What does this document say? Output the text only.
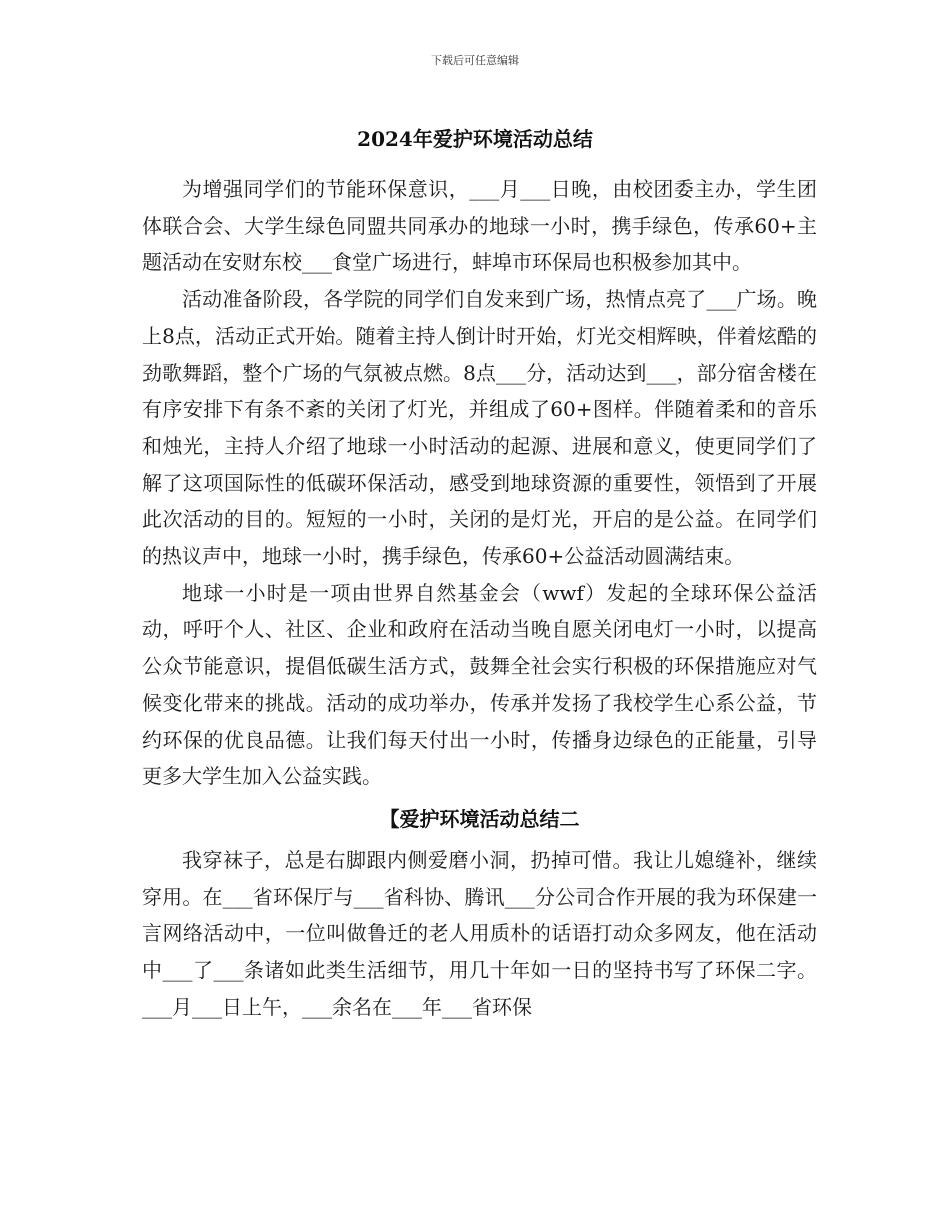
下载后可任意编辑
2024年爱护环境活动总结

为增强同学们的节能环保意识，___月___日晚，由校团委主办，学生团体联合会、大学生绿色同盟共同承办的地球一小时，携手绿色，传承60+主题活动在安财东校___食堂广场进行，蚌埠市环保局也积极参加其中。

活动准备阶段，各学院的同学们自发来到广场，热情点亮了___广场。晚上8点，活动正式开始。随着主持人倒计时开始，灯光交相辉映，伴着炫酷的劲歌舞蹈，整个广场的气氛被点燃。8点___分，活动达到___，部分宿舍楼在有序安排下有条不紊的关闭了灯光，并组成了60+图样。伴随着柔和的音乐和烛光，主持人介绍了地球一小时活动的起源、进展和意义，使更同学们了解了这项国际性的低碳环保活动，感受到地球资源的重要性，领悟到了开展此次活动的目的。短短的一小时，关闭的是灯光，开启的是公益。在同学们的热议声中，地球一小时，携手绿色，传承60+公益活动圆满结束。

地球一小时是一项由世界自然基金会（wwf）发起的全球环保公益活动，呼吁个人、社区、企业和政府在活动当晚自愿关闭电灯一小时，以提高公众节能意识，提倡低碳生活方式，鼓舞全社会实行积极的环保措施应对气候变化带来的挑战。活动的成功举办，传承并发扬了我校学生心系公益，节约环保的优良品德。让我们每天付出一小时，传播身边绿色的正能量，引导更多大学生加入公益实践。

【爱护环境活动总结二

我穿袜子，总是右脚跟内侧爱磨小洞，扔掉可惜。我让儿媳缝补，继续穿用。在___省环保厅与___省科协、腾讯___分公司合作开展的我为环保建一言网络活动中，一位叫做鲁迁的老人用质朴的话语打动众多网友，他在活动中___了___条诸如此类生活细节，用几十年如一日的坚持书写了环保二字。___月___日上午，___余名在___年___省环保
